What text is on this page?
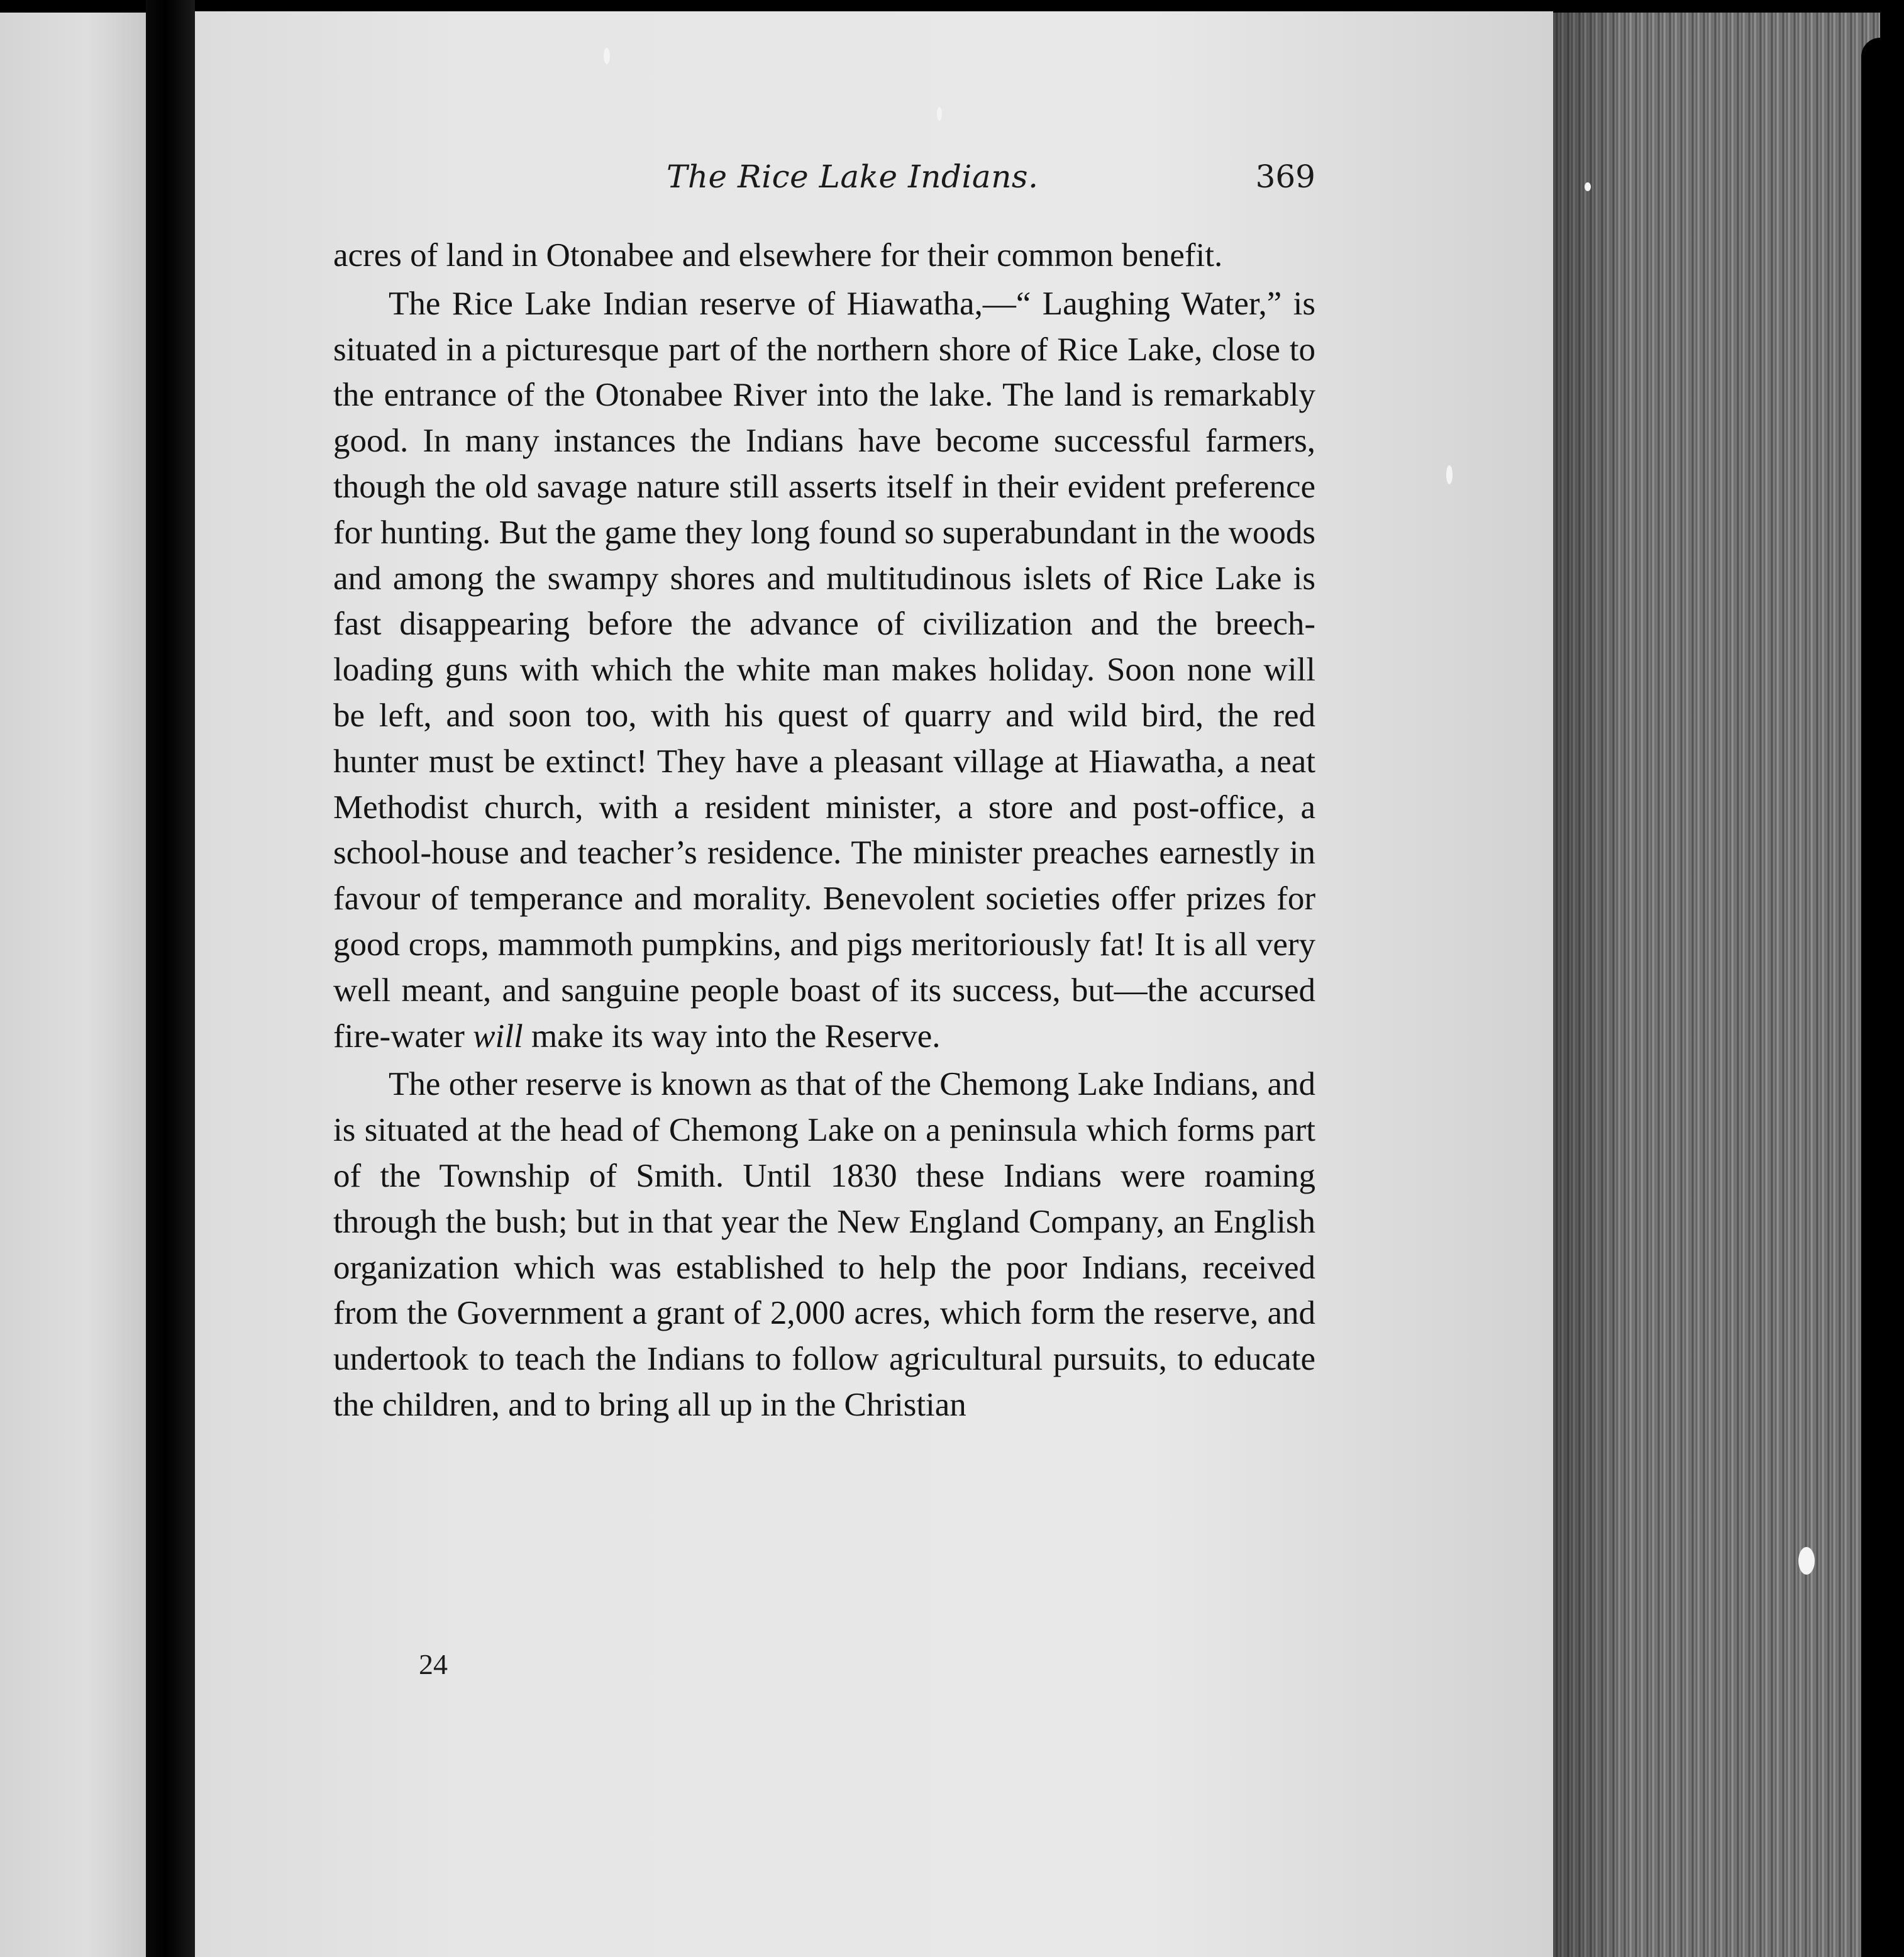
The Rice Lake Indians.	369

acres of land in Otonabee and elsewhere for their common benefit.

The Rice Lake Indian reserve of Hiawatha,—“ Laughing Water,” is situated in a picturesque part of the northern shore of Rice Lake, close to the entrance of the Otonabee River into the lake. The land is remarkably good. In many instances the Indians have become successful farmers, though the old savage nature still asserts itself in their evident preference for hunting. But the game they long found so superabundant in the woods and among the swampy shores and multitudinous islets of Rice Lake is fast disappearing before the advance of civilization and the breech-loading guns with which the white man makes holiday. Soon none will be left, and soon too, with his quest of quarry and wild bird, the red hunter must be extinct! They have a pleasant village at Hiawatha, a neat Methodist church, with a resident minister, a store and post-office, a school-house and teacher’s residence. The minister preaches earnestly in favour of temperance and morality. Benevolent societies offer prizes for good crops, mammoth pumpkins, and pigs meritoriously fat! It is all very well meant, and sanguine people boast of its success, but—the accursed fire-water will make its way into the Reserve.

The other reserve is known as that of the Chemong Lake Indians, and is situated at the head of Chemong Lake on a peninsula which forms part of the Township of Smith. Until 1830 these Indians were roaming through the bush; but in that year the New England Company, an English organization which was established to help the poor Indians, received from the Government a grant of 2,000 acres, which form the reserve, and undertook to teach the Indians to follow agricultural pursuits, to educate the children, and to bring all up in the Christian

24
